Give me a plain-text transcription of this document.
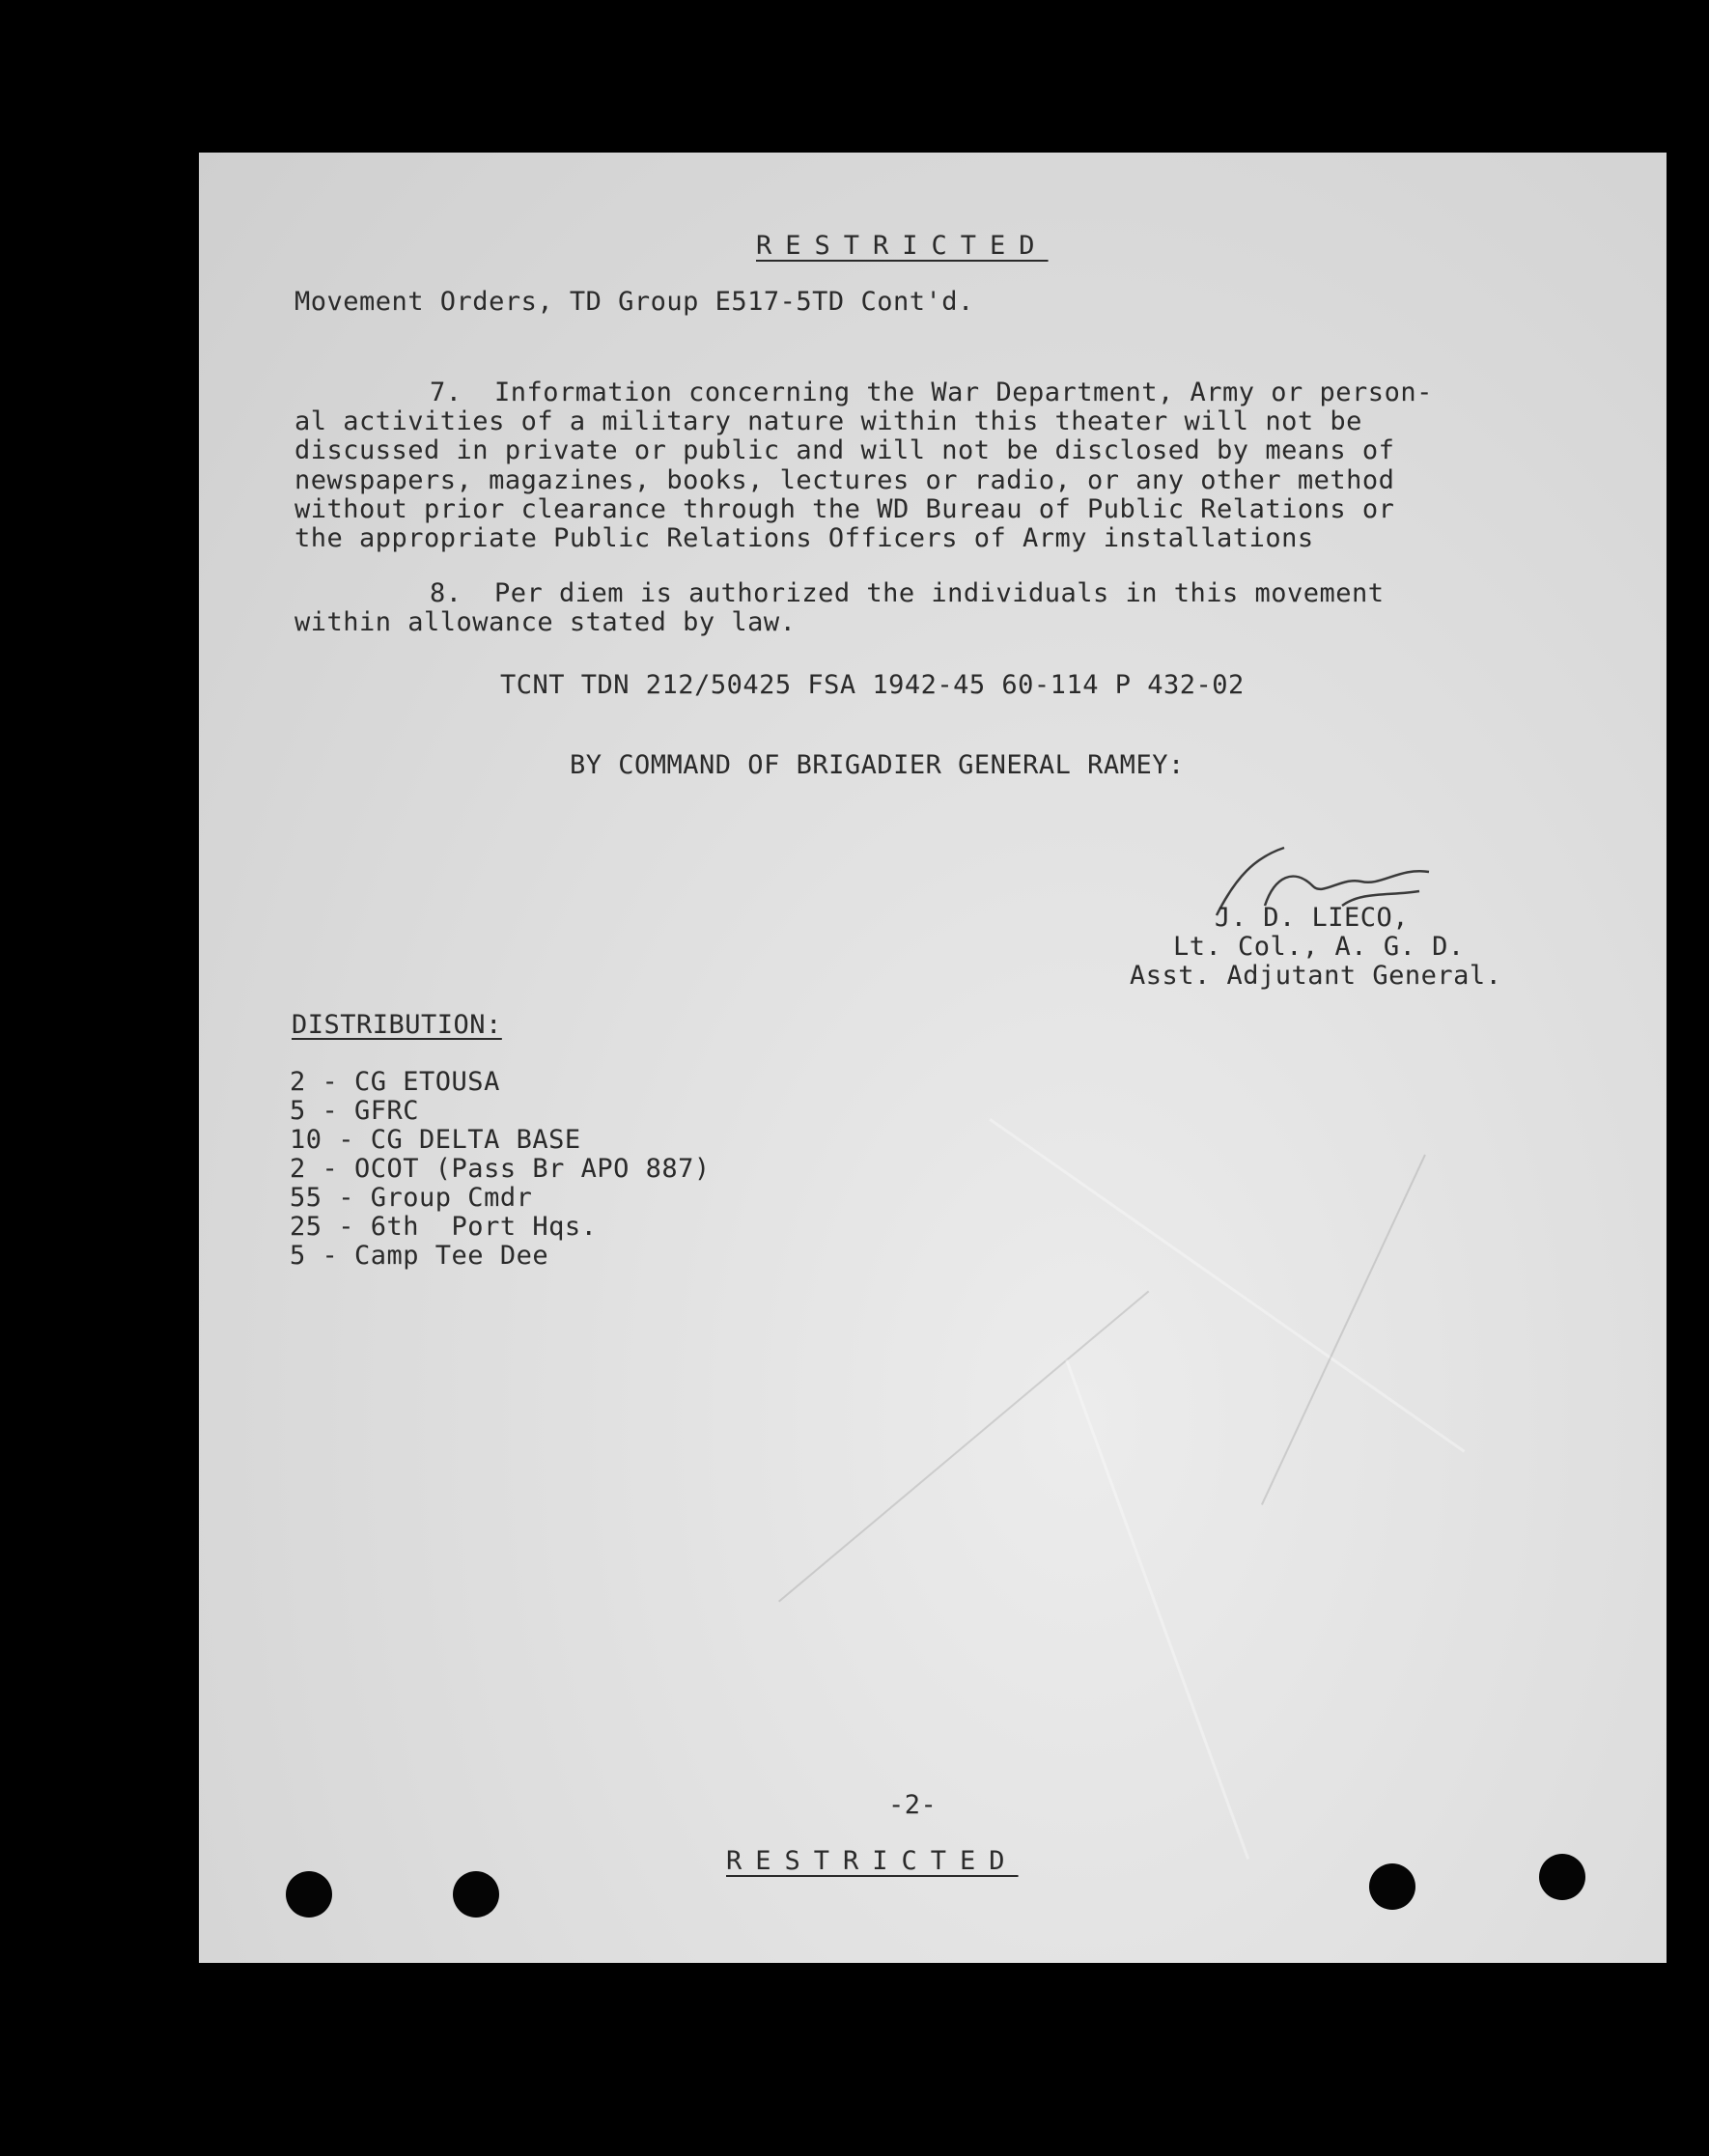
RESTRICTED
Movement Orders, TD Group E517-5TD Cont'd.
7.  Information concerning the War Department, Army or person-
al activities of a military nature within this theater will not be
discussed in private or public and will not be disclosed by means of
newspapers, magazines, books, lectures or radio, or any other method
without prior clearance through the WD Bureau of Public Relations or
the appropriate Public Relations Officers of Army installations
8.  Per diem is authorized the individuals in this movement
within allowance stated by law.
TCNT TDN 212/50425 FSA 1942-45 60-114 P 432-02
BY COMMAND OF BRIGADIER GENERAL RAMEY:
J. D. LIECO,
Lt. Col., A. G. D.
Asst. Adjutant General.
DISTRIBUTION:
2 - CG ETOUSA
5 - GFRC
10 - CG DELTA BASE
2 - OCOT (Pass Br APO 887)
55 - Group Cmdr
25 - 6th  Port Hqs.
5 - Camp Tee Dee
-2-
RESTRICTED
